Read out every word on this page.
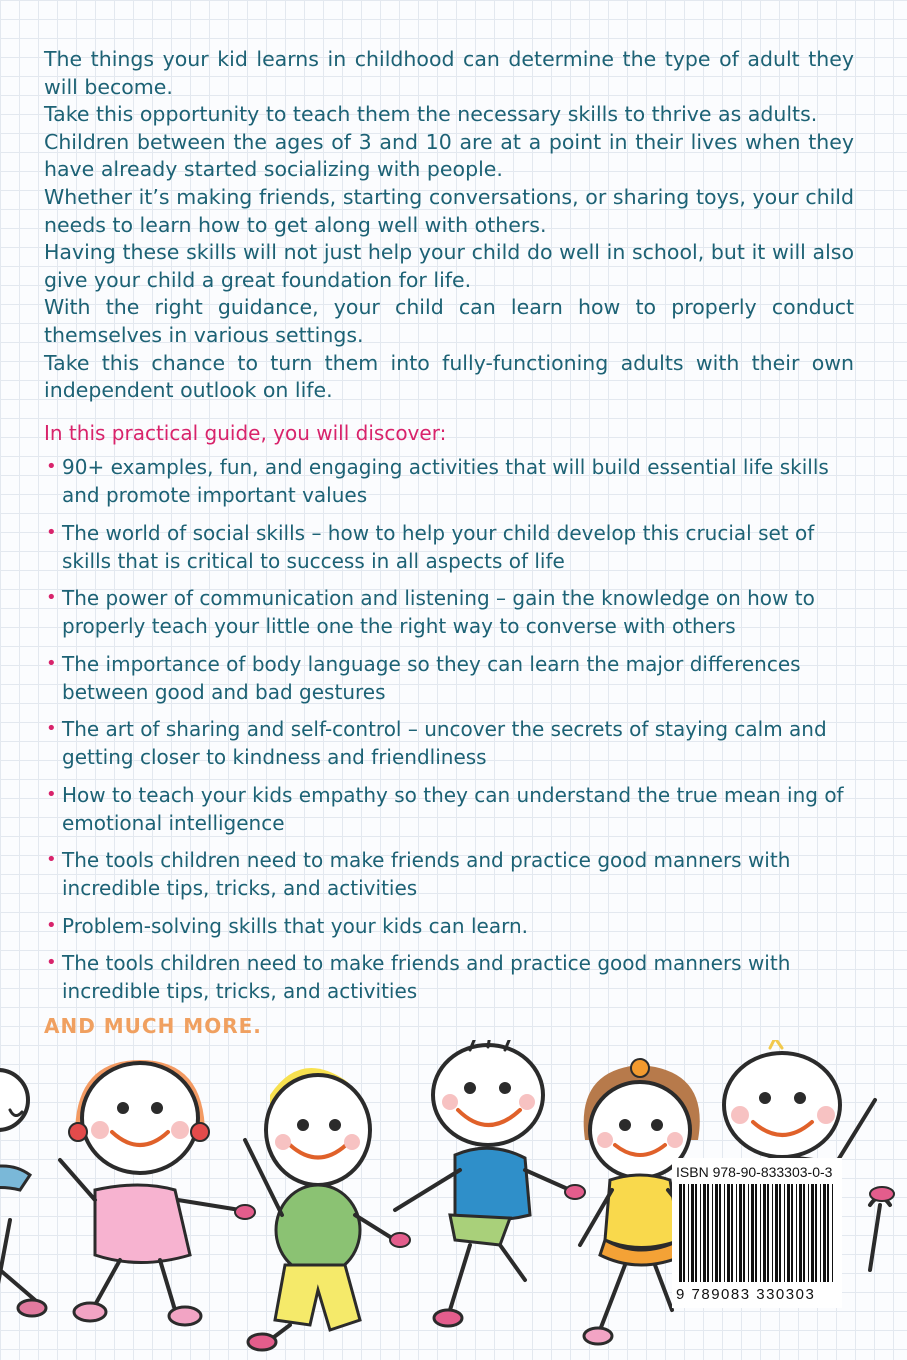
The things your kid learns in childhood can determine the type of adult they will become.

Take this opportunity to teach them the necessary skills to thrive as adults.

Children between the ages of 3 and 10 are at a point in their lives when they have already started socializing with people.

Whether it’s making friends, starting conversations, or sharing toys, your child needs to learn how to get along well with others.

Having these skills will not just help your child do well in school, but it will also give your child a great foundation for life.

With the right guidance, your child can learn how to properly conduct themselves in various settings.

Take this chance to turn them into fully-functioning adults with their own independent outlook on life.

In this practical guide, you will discover:
• 90+ examples, fun, and engaging activities that will build essential life skills and promote important values
• The world of social skills – how to help your child develop this crucial set of skills that is critical to success in all aspects of life
• The power of communication and listening – gain the knowledge on how to properly teach your little one the right way to converse with others
• The importance of body language so they can learn the major differences between good and bad gestures
• The art of sharing and self-control – uncover the secrets of staying calm and getting closer to kindness and friendliness
• How to teach your kids empathy so they can understand the true mean ing of emotional intelligence
• The tools children need to make friends and practice good manners with incredible tips, tricks, and activities
• Problem-solving skills that your kids can learn.
• The tools children need to make friends and practice good manners with incredible tips, tricks, and activities
AND MUCH MORE.
ISBN 978-90-833303-0-3
9 789083 330303
